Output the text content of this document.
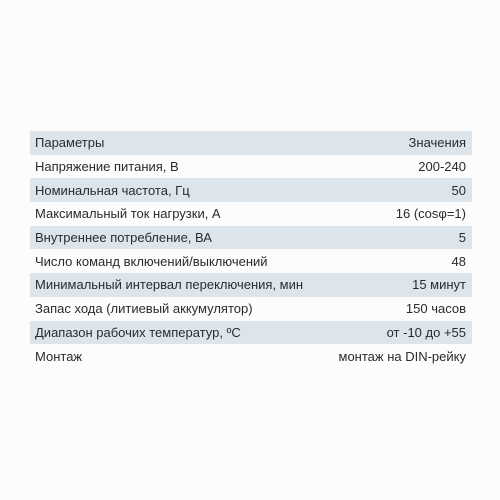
Параметры	Значения
Напряжение питания, В	200-240
Номинальная частота, Гц	50
Максимальный ток нагрузки, А	16 (cosφ=1)
Внутреннее потребление, ВА	5
Число команд включений/выключений	48
Минимальный интервал переключения, мин	15 минут
Запас хода (литиевый аккумулятор)	150 часов
Диапазон рабочих температур, ºС	от -10 до +55
Монтаж	монтаж на DIN-рейку
